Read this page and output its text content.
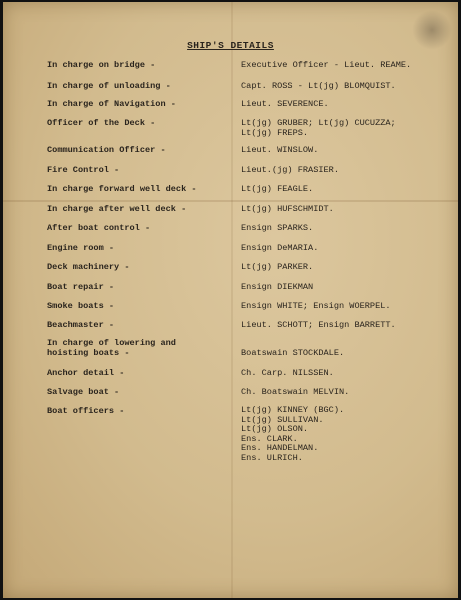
SHIP'S DETAILS
In charge on bridge -	Executive Officer - Lieut. REAME.
In charge of unloading -	Capt. ROSS - Lt(jg) BLOMQUIST.
In charge of Navigation -	Lieut. SEVERENCE.
Officer of the Deck -	Lt(jg) GRUBER; Lt(jg) CUCUZZA;
Lt(jg) FREPS.
Communication Officer -	Lieut. WINSLOW.
Fire Control -	Lieut.(jg) FRASIER.
In charge forward well deck -	Lt(jg) FEAGLE.
In charge after well deck -	Lt(jg) HUFSCHMIDT.
After boat control -	Ensign SPARKS.
Engine room -	Ensign DeMARIA.
Deck machinery -	Lt(jg) PARKER.
Boat repair -	Ensign DIEKMAN
Smoke boats -	Ensign WHITE; Ensign WOERPEL.
Beachmaster -	Lieut. SCHOTT; Ensign BARRETT.
In charge of lowering and
hoisting boats -	Boatswain STOCKDALE.
Anchor detail -	Ch. Carp. NILSSEN.
Salvage boat -	Ch. Boatswain MELVIN.
Boat officers -	Lt(jg) KINNEY (BGC).
Lt(jg) SULLIVAN.
Lt(jg) OLSON.
Ens. CLARK.
Ens. HANDELMAN.
Ens. ULRICH.
